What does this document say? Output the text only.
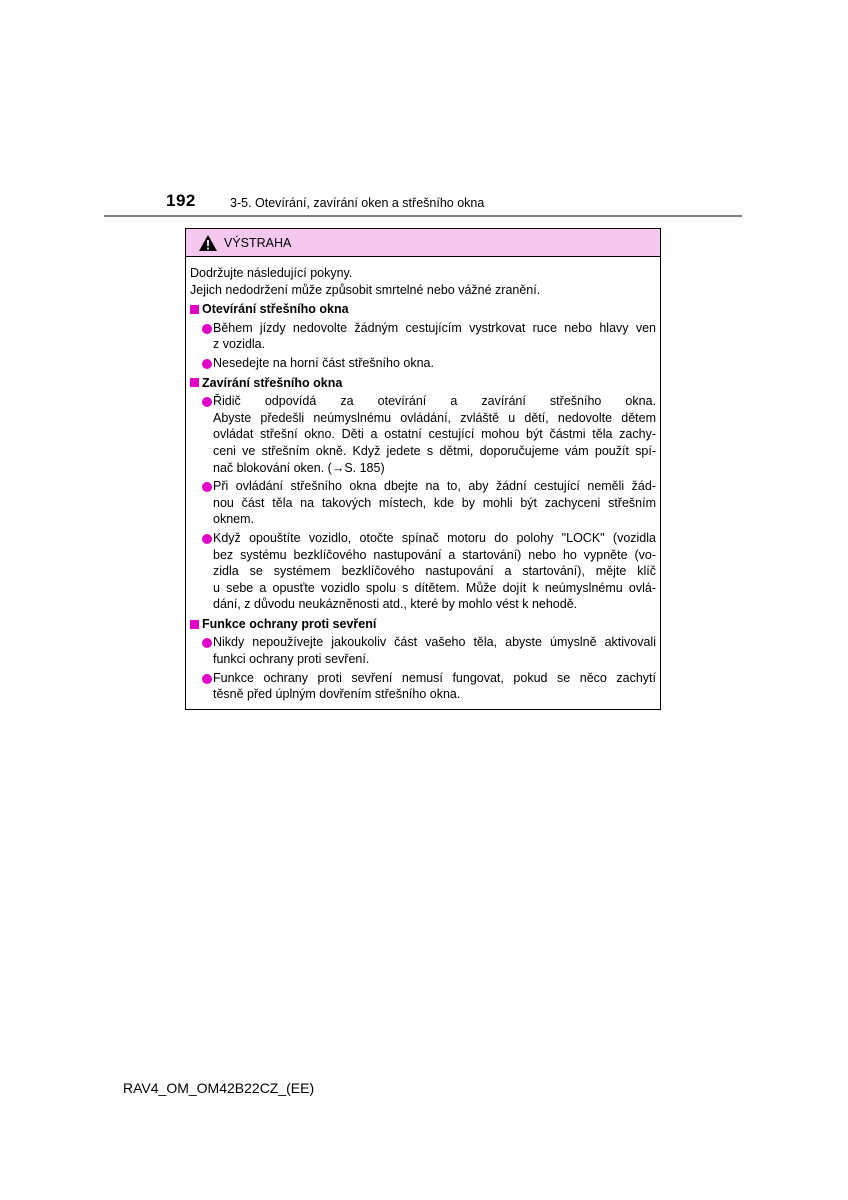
192	3-5. Otevírání, zavírání oken a střešního okna
VÝSTRAHA
Dodržujte následující pokyny.
Jejich nedodržení může způsobit smrtelné nebo vážné zranění.
Otevírání střešního okna
Během jízdy nedovolte žádným cestujícím vystrkovat ruce nebo hlavy ven
z vozidla.
Nesedejte na horní část střešního okna.
Zavírání střešního okna
Řidič odpovídá za otevírání a zavírání střešního okna.
Abyste předešli neúmyslnému ovládání, zvláště u dětí, nedovolte dětem
ovládat střešní okno. Děti a ostatní cestující mohou být částmi těla zachy-
ceni ve střešním okně. Když jedete s dětmi, doporučujeme vám použít spí-
nač blokování oken. (→S. 185)
Při ovládání střešního okna dbejte na to, aby žádní cestující neměli žád-
nou část těla na takových místech, kde by mohli být zachyceni střešním
oknem.
Když opouštíte vozidlo, otočte spínač motoru do polohy "LOCK" (vozidla
bez systému bezklíčového nastupování a startování) nebo ho vypněte (vo-
zidla se systémem bezklíčového nastupování a startování), mějte klíč
u sebe a opusťte vozidlo spolu s dítětem. Může dojít k neúmyslnému ovlá-
dání, z důvodu neukázněnosti atd., které by mohlo vést k nehodě.
Funkce ochrany proti sevření
Nikdy nepoužívejte jakoukoliv část vašeho těla, abyste úmyslně aktivovali
funkci ochrany proti sevření.
Funkce ochrany proti sevření nemusí fungovat, pokud se něco zachytí
těsně před úplným dovřením střešního okna.
RAV4_OM_OM42B22CZ_(EE)
